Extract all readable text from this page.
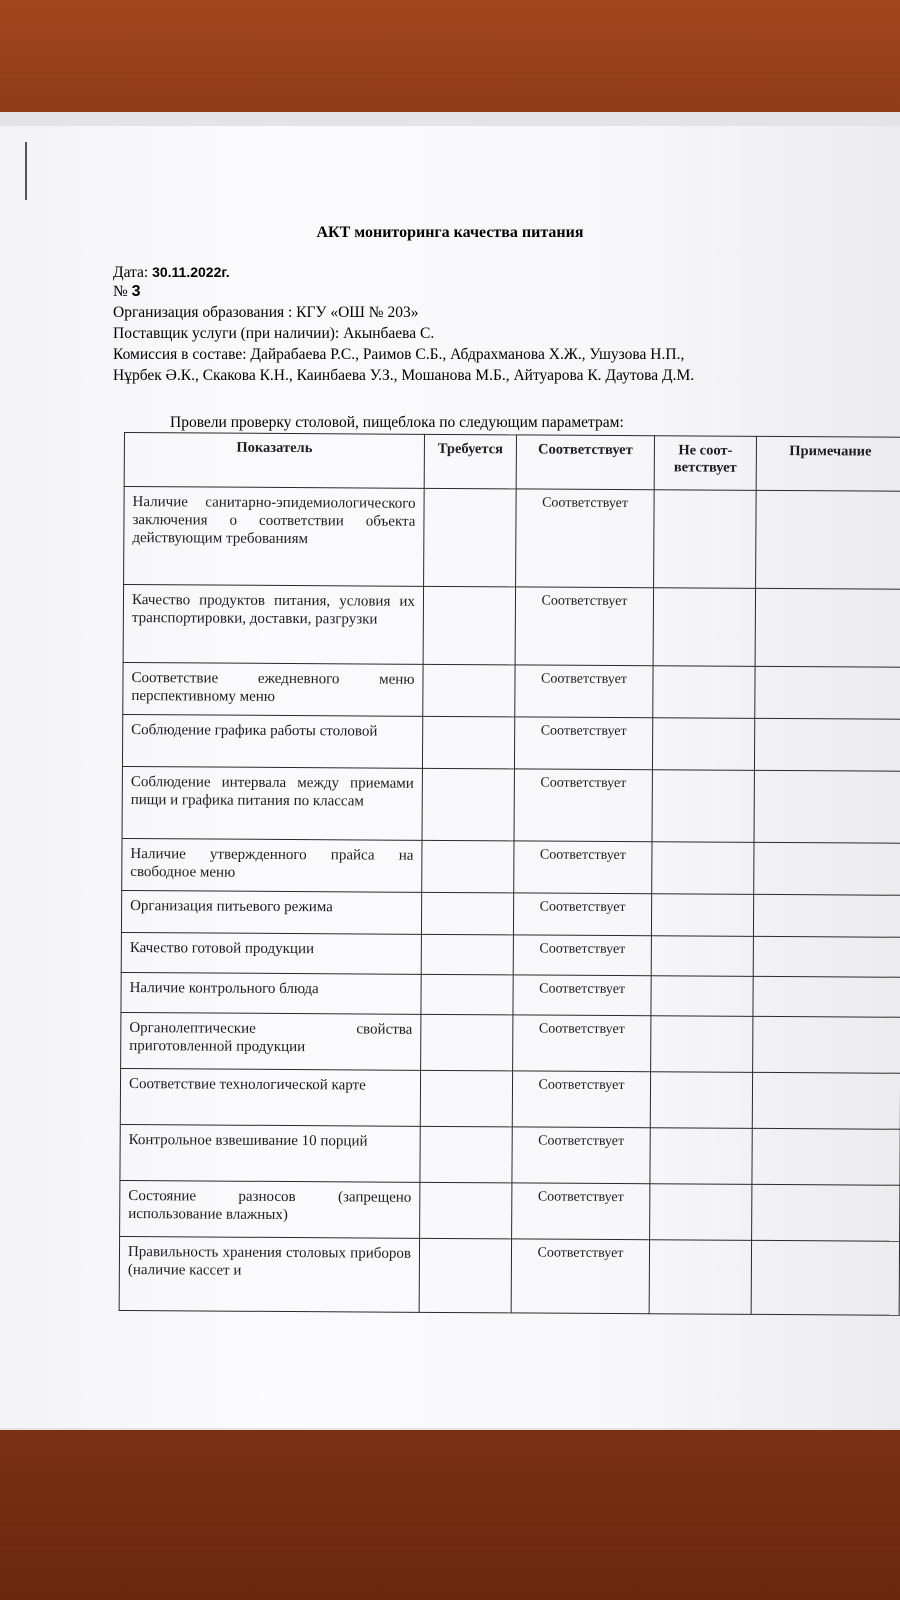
АКТ мониторинга качества питания
Дата: 30.11.2022г.
№ 3
Организация образования : КГУ «ОШ № 203»
Поставщик услуги (при наличии): Акынбаева С.
Комиссия в составе: Дайрабаева Р.С., Раимов С.Б., Абдрахманова Х.Ж., Ушузова Н.П.,
Нұрбек Ә.К., Скакова К.Н., Каинбаева У.З., Мошанова М.Б., Айтуарова К. Даутова Д.М.
Провели проверку столовой, пищеблока по следующим параметрам:
Показатель	Требуется	Соответствует	Не соот-ветствует	Примечание
Наличие санитарно-эпидемиологического заключения о соответствии объекта действующим требованиям		Соответствует		
Качество продуктов питания, условия их транспортировки, доставки, разгрузки		Соответствует		
Соответствие ежедневного меню перспективному меню		Соответствует		
Соблюдение графика работы столовой		Соответствует		
Соблюдение интервала между приемами пищи и графика питания по классам		Соответствует		
Наличие утвержденного прайса на свободное меню		Соответствует		
Организация питьевого режима		Соответствует		
Качество готовой продукции		Соответствует		
Наличие контрольного блюда		Соответствует		
Органолептические свойства приготовленной продукции		Соответствует		
Соответствие технологической карте		Соответствует		
Контрольное взвешивание 10 порций		Соответствует		
Состояние разносов (запрещено использование влажных)		Соответствует		
Правильность хранения столовых приборов (наличие кассет и		Соответствует		
